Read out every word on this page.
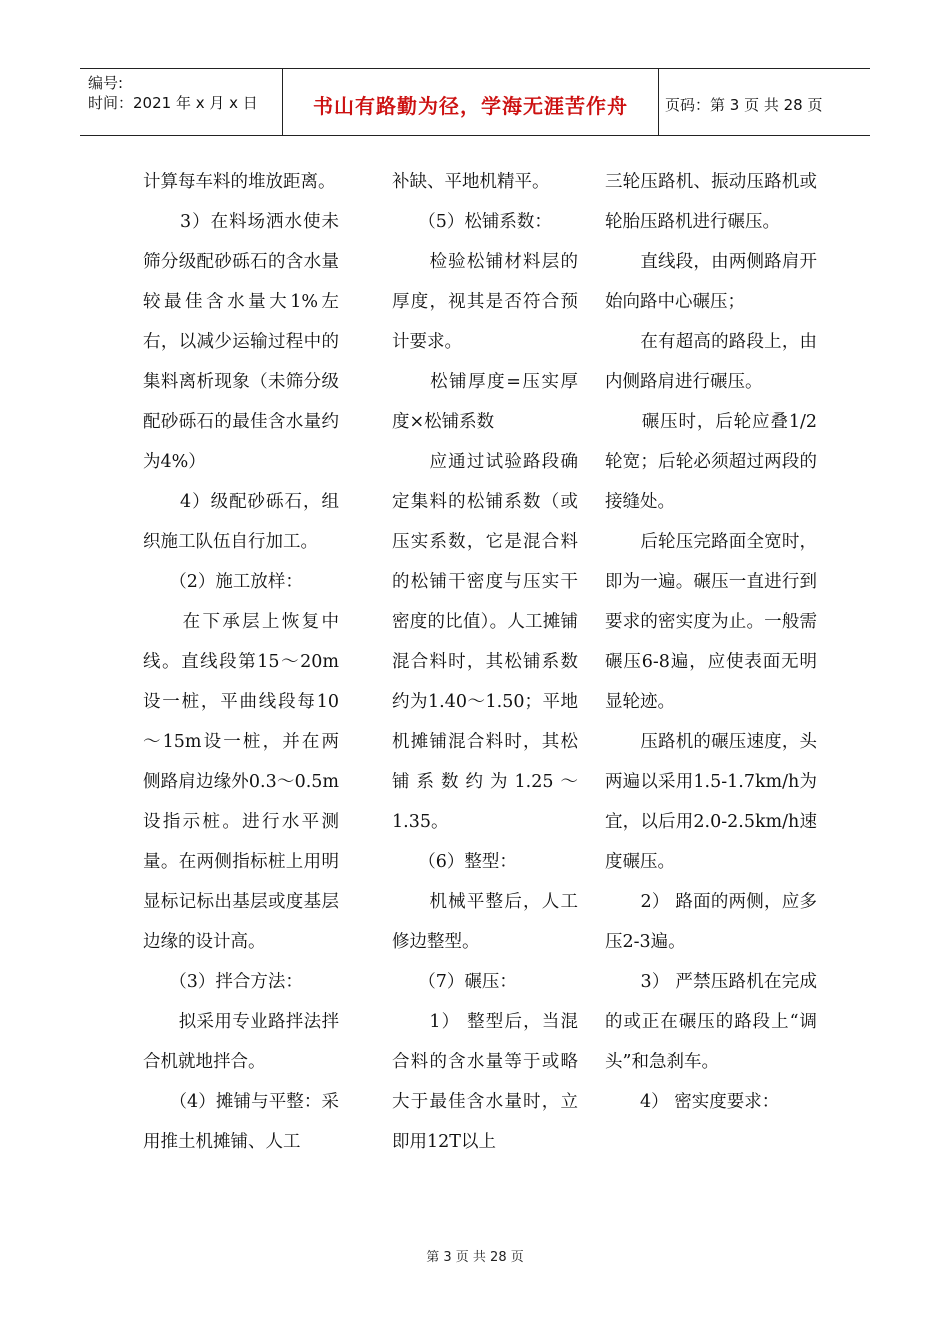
编号:
时间：2021 年 x 月 x 日	书山有路勤为径，学海无涯苦作舟	页码：第 3 页 共 28 页

计算每车料的堆放距离。

　　3）在料场洒水使未筛分级配砂砾石的含水量较最佳含水量大1%左右，以减少运输过程中的集料离析现象（未筛分级配砂砾石的最佳含水量约为4%）

　　4）级配砂砾石，组织施工队伍自行加工。

　　（2）施工放样：

　　在下承层上恢复中线。直线段第15～20m设一桩，平曲线段每10～15m设一桩，并在两侧路肩边缘外0.3～0.5m设指示桩。进行水平测量。在两侧指标桩上用明显标记标出基层或度基层边缘的设计高。

　　（3）拌合方法：

　　拟采用专业路拌法拌合机就地拌合。

　　（4）摊铺与平整：采用推土机摊铺、人工

补缺、平地机精平。

　　（5）松铺系数：

　　检验松铺材料层的厚度，视其是否符合预计要求。

　　松铺厚度=压实厚度×松铺系数

　　应通过试验路段确定集料的松铺系数（或压实系数，它是混合料的松铺干密度与压实干密度的比值）。人工摊铺混合料时，其松铺系数约为1.40～1.50；平地机摊铺混合料时，其松铺系数约为1.25～1.35。

　　（6）整型：

　　机械平整后，人工修边整型。

　　（7）碾压：

　　1） 整型后，当混合料的含水量等于或略大于最佳含水量时，立即用12T以上

三轮压路机、振动压路机或轮胎压路机进行碾压。

　　直线段，由两侧路肩开始向路中心碾压；

　　在有超高的路段上，由内侧路肩进行碾压。

　　碾压时，后轮应叠1/2轮宽；后轮必须超过两段的接缝处。

　　后轮压完路面全宽时，即为一遍。碾压一直进行到要求的密实度为止。一般需碾压6-8遍，应使表面无明显轮迹。

　　压路机的碾压速度，头两遍以采用1.5-1.7km/h为宜，以后用2.0-2.5km/h速度碾压。

　　2） 路面的两侧，应多压2-3遍。

　　3） 严禁压路机在完成的或正在碾压的路段上“调头”和急刹车。

　　4） 密实度要求：

第 3 页 共 28 页
